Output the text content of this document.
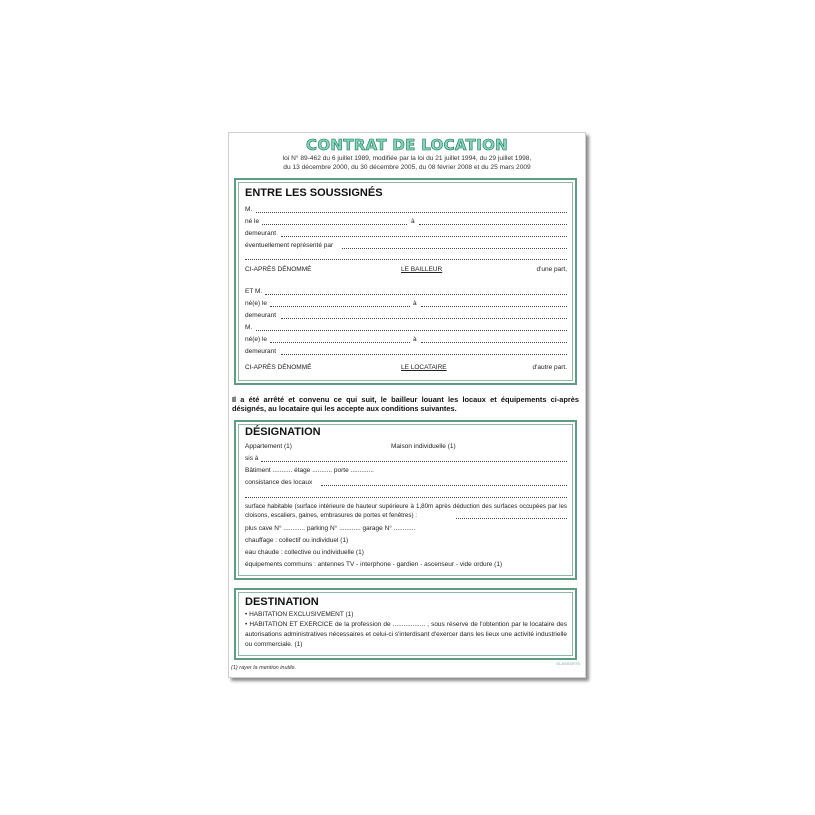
CONTRAT DE LOCATION
loi N° 89-462 du 6 juillet 1989, modifiée par la loi du 21 juillet 1994, du 29 juillet 1998,
du 13 décembre 2000, du 30 décembre 2005, du 08 février 2008 et du 25 mars 2009
ENTRE LES SOUSSIGNÉS
M.
né le	à
demeurant
éventuellement représenté par
CI-APRÈS DÉNOMMÉ	LE BAILLEUR	d'une part,
ET M.
né(e) le	à
demeurant
M.
né(e) le	à
demeurant
CI-APRÈS DÉNOMMÉ	LE LOCATAIRE	d'autre part.
Il a été arrêté et convenu ce qui suit, le bailleur louant les locaux et équipements ci-après désignés, au locataire qui les accepte aux conditions suivantes.
DÉSIGNATION
Appartement (1)	Maison individuelle (1)
sis à
Bâtiment ........... étage ........... porte .............
consistance des locaux
surface habitable (surface intérieure de hauteur supérieure à 1,80m après déduction des surfaces occupées par les cloisons, escaliers, gaines, embrasures de portes et fenêtres) :
plus cave N° ............ parking N° ............ garage N° ............
chauffage : collectif ou individuel (1)
eau chaude : collective ou individuelle (1)
équipements communs : antennes TV - interphone - gardien - ascenseur - vide ordure (1)
DESTINATION
• HABITATION EXCLUSIVEMENT (1)
• HABITATION ET EXERCICE de la profession de .................. , sous réserve de l'obtention par le locataire des autorisations administratives nécessaires et celui-ci s'interdisant d'exercer dans les lieux une activité industrielle ou commerciale. (1)
(1) rayer la mention inutile.
ELASSSRTS
